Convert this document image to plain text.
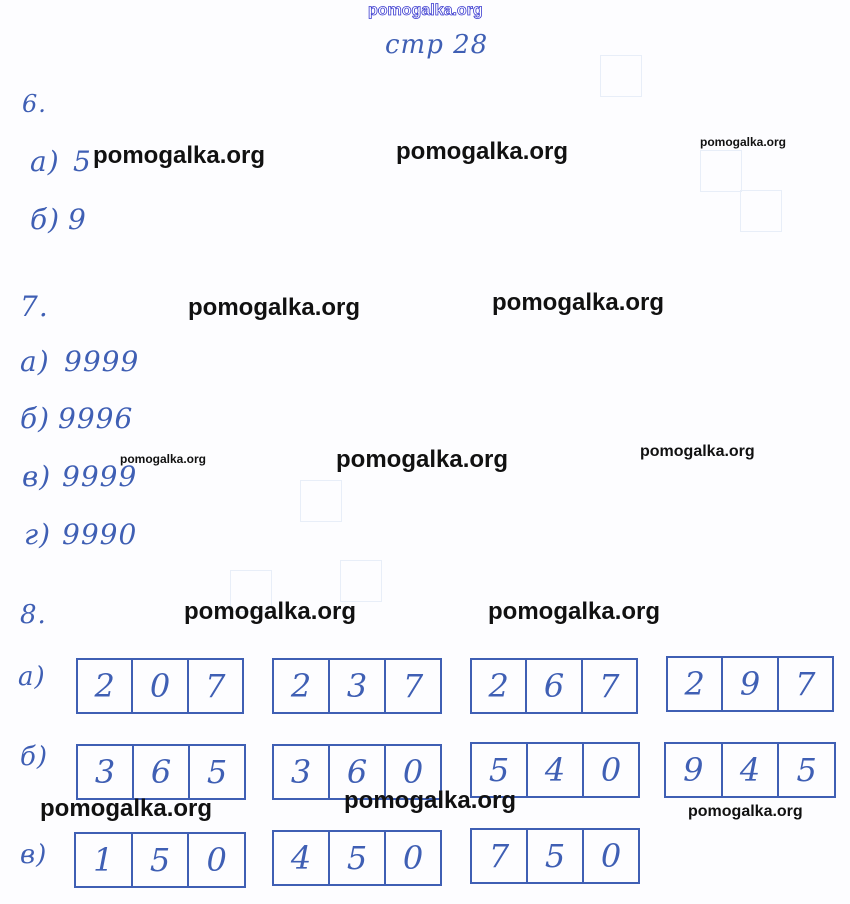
pomogalka.org
стр 28
6.
а) 5
б) 9
7.
а) 9999
б) 9996
в) 9999
г) 9990
8.
а)
б)
в)
2	0	7	2	3	7	2	6	7	2	9	7
3	6	5	3	6	0	5	4	0	9	4	5
1	5	0	4	5	0	7	5	0
pomogalka.org	pomogalka.org	pomogalka.org
pomogalka.org	pomogalka.org
pomogalka.org	pomogalka.org	pomogalka.org
pomogalka.org	pomogalka.org
pomogalka.org	pomogalka.org	pomogalka.org
